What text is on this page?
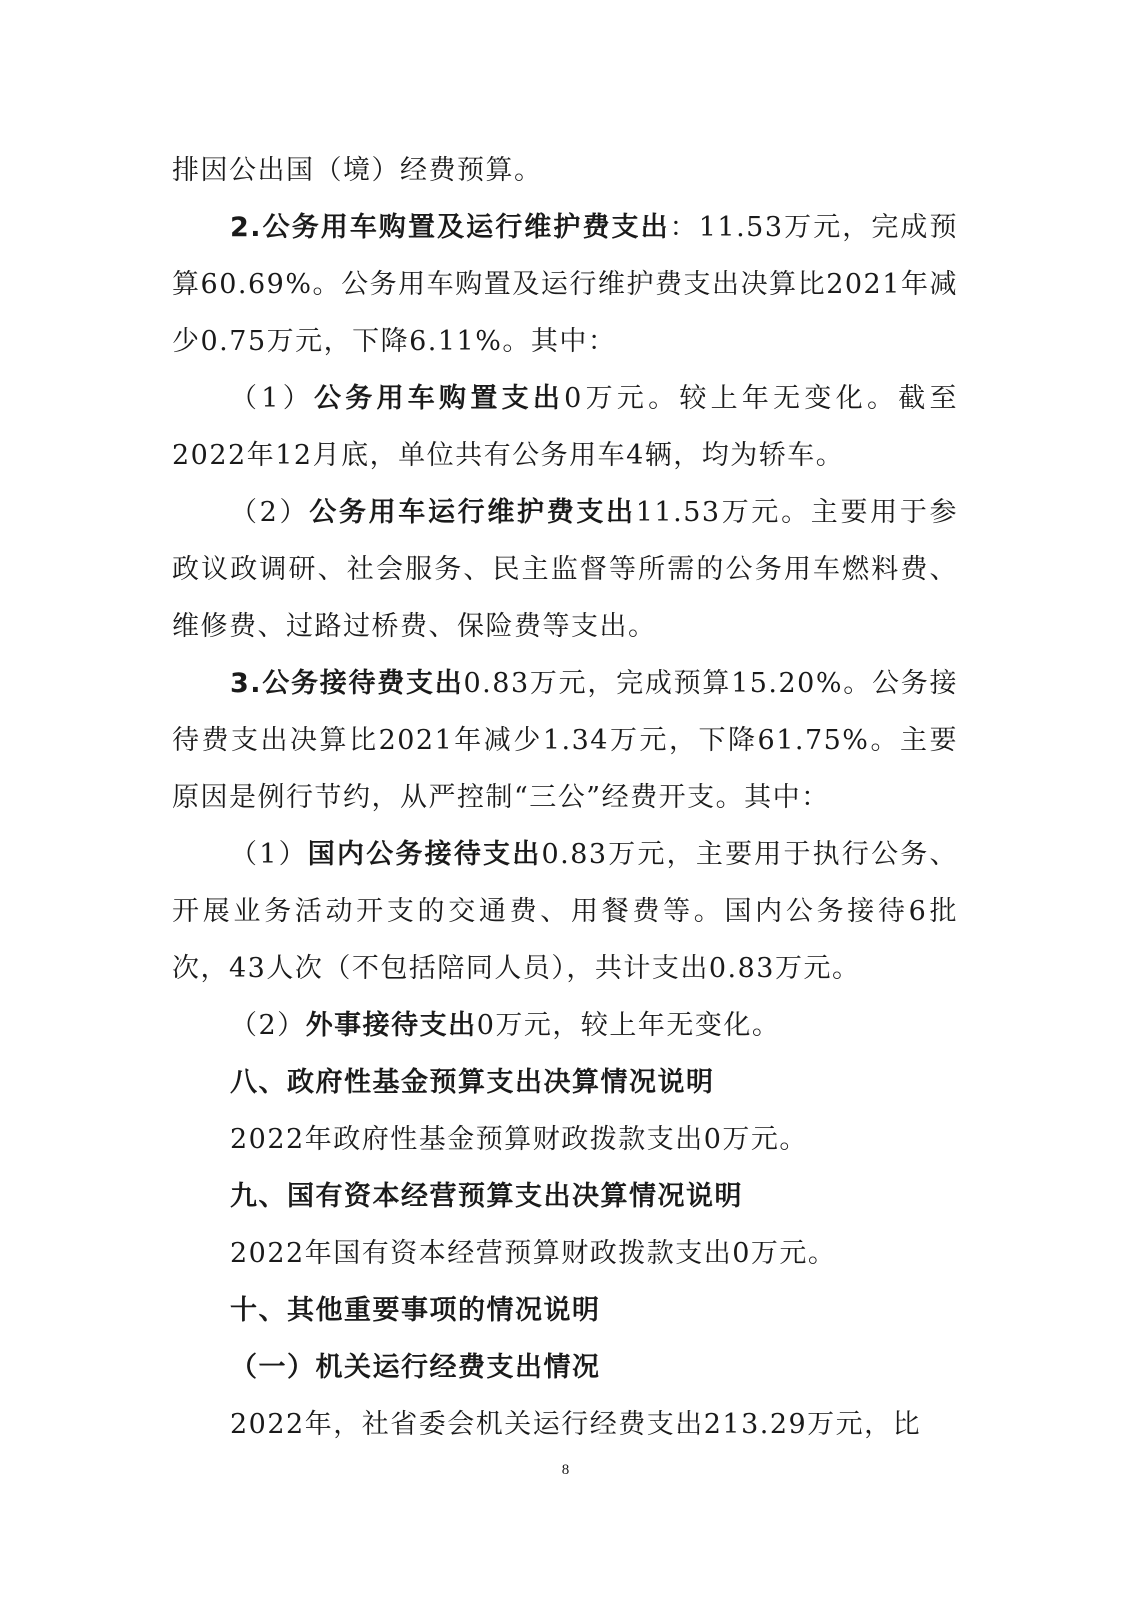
排因公出国（境）经费预算。

2.公务用车购置及运行维护费支出：11.53万元，完成预算60.69%。公务用车购置及运行维护费支出决算比2021年减少0.75万元，下降6.11%。其中：

（1）公务用车购置支出0万元。较上年无变化。截至2022年12月底，单位共有公务用车4辆，均为轿车。

（2）公务用车运行维护费支出11.53万元。主要用于参政议政调研、社会服务、民主监督等所需的公务用车燃料费、维修费、过路过桥费、保险费等支出。

3.公务接待费支出0.83万元，完成预算15.20%。公务接待费支出决算比2021年减少1.34万元，下降61.75%。主要原因是例行节约，从严控制“三公”经费开支。其中：

（1）国内公务接待支出0.83万元，主要用于执行公务、开展业务活动开支的交通费、用餐费等。国内公务接待6批次，43人次（不包括陪同人员），共计支出0.83万元。

（2）外事接待支出0万元，较上年无变化。

八、政府性基金预算支出决算情况说明

2022年政府性基金预算财政拨款支出0万元。

九、国有资本经营预算支出决算情况说明

2022年国有资本经营预算财政拨款支出0万元。

十、其他重要事项的情况说明

（一）机关运行经费支出情况

2022年，社省委会机关运行经费支出213.29万元，比

8
